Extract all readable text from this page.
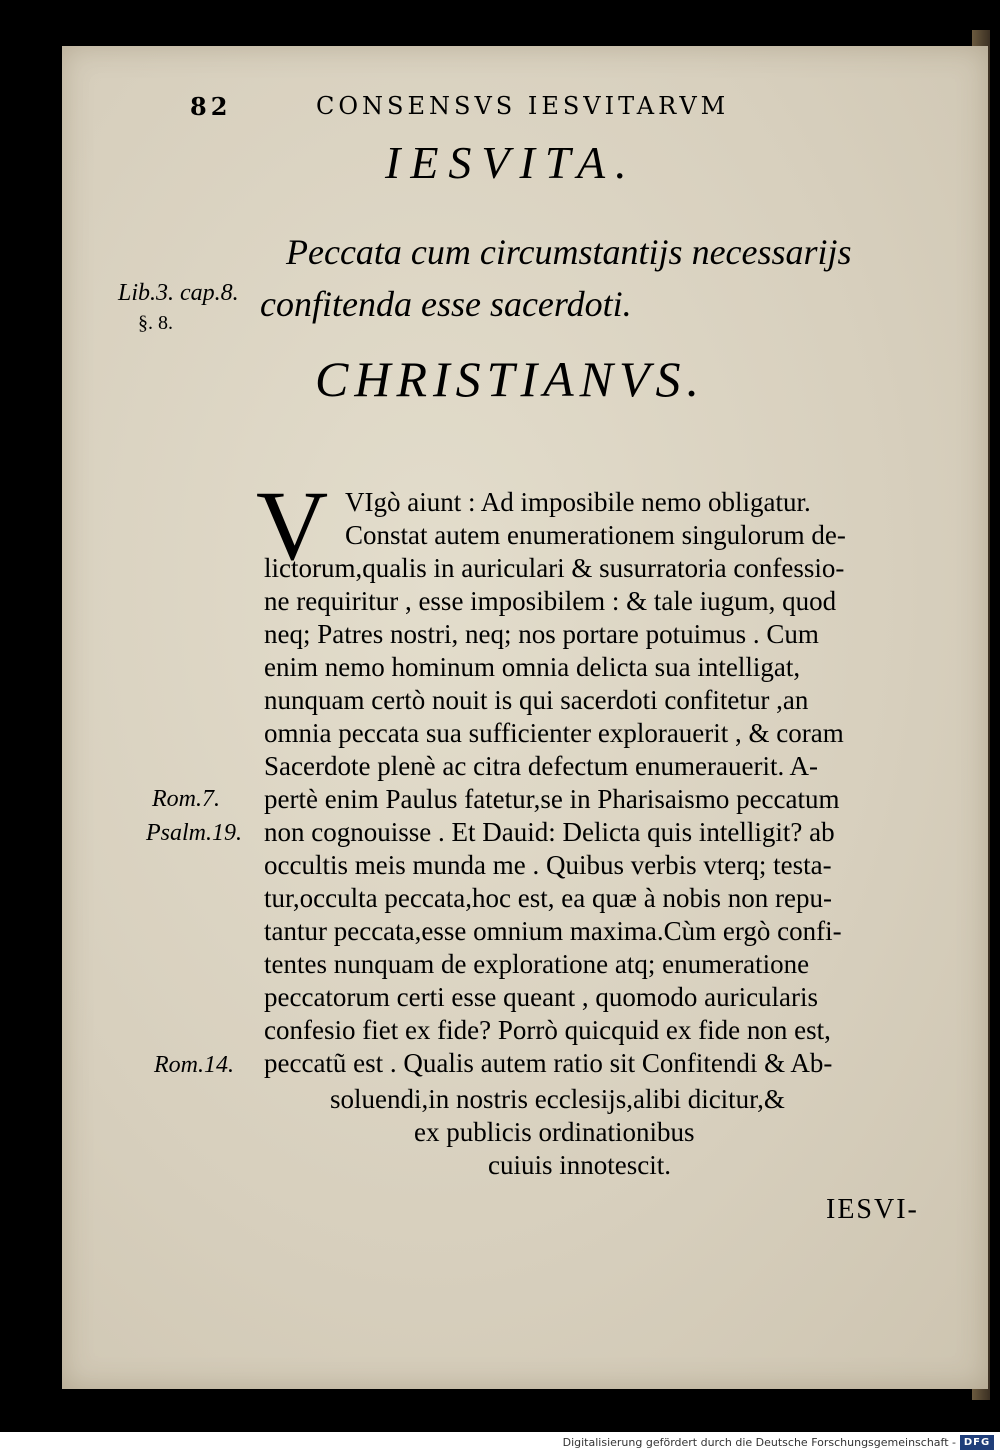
82	CONSENSVS IESVITARVM
IESVITA.
Lib.3. cap.8.
§. 8.
Peccata cum circumstantijs necessarijs
confitenda esse sacerdoti.
CHRISTIANVS.
V VIgò aiunt : Ad imposibile nemo obligatur.
Constat autem enumerationem singulorum de-
lictorum,qualis in auriculari & susurratoria confessio-
ne requiritur , esse imposibilem : & tale iugum, quod
neq; Patres nostri, neq; nos portare potuimus . Cum
enim nemo hominum omnia delicta sua intelligat,
nunquam certò nouit is qui sacerdoti confitetur ,an
omnia peccata sua sufficienter explorauerit , & coram
Sacerdote plenè ac citra defectum enumerauerit. A-
pertè enim Paulus fatetur,se in Pharisaismo peccatum
non cognouisse . Et Dauid: Delicta quis intelligit? ab
occultis meis munda me . Quibus verbis vterq; testa-
tur,occulta peccata,hoc est, ea quæ à nobis non repu-
tantur peccata,esse omnium maxima.Cùm ergò confi-
tentes nunquam de exploratione atq; enumeratione
peccatorum certi esse queant , quomodo auricularis
confesio fiet ex fide? Porrò quicquid ex fide non est,
peccatũ est . Qualis autem ratio sit Confitendi & Ab-
soluendi,in nostris ecclesijs,alibi dicitur,&
ex publicis ordinationibus
cuiuis innotescit.
Rom.7.
Psalm.19.
Rom.14.
IESVI-
Digitalisierung gefördert durch die Deutsche Forschungsgemeinschaft - DFG
